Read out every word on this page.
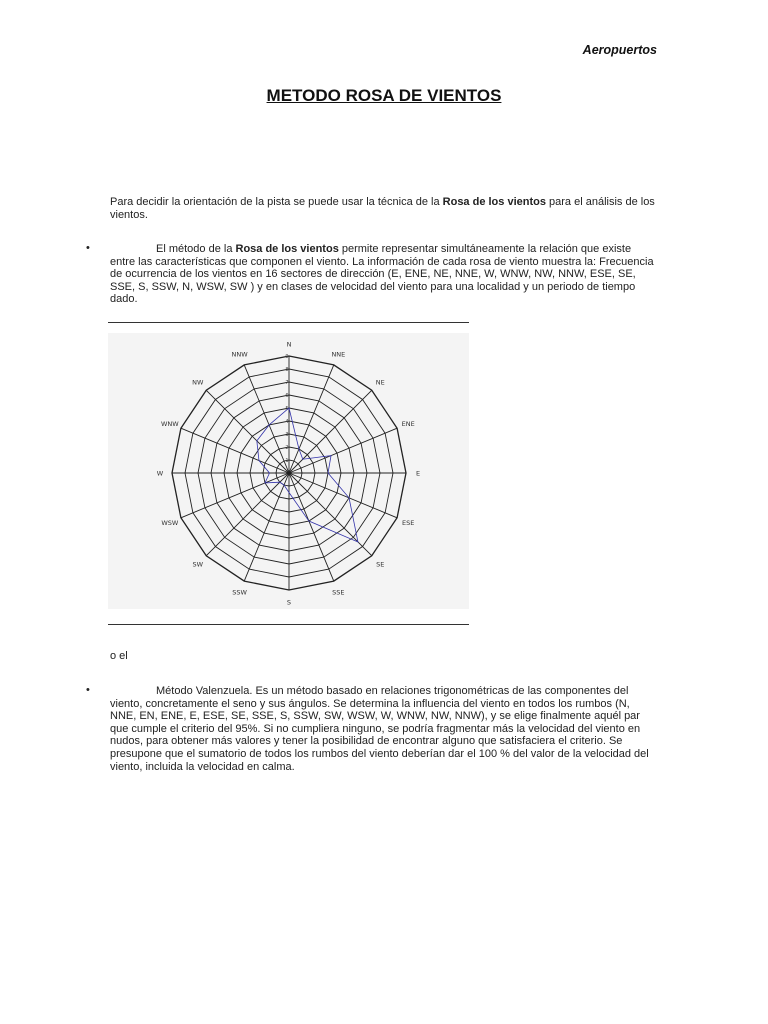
Aeropuertos
METODO ROSA DE VIENTOS
Para decidir la orientación de la pista se puede usar la técnica de la Rosa de los vientos para el análisis de los vientos.
•	El método de la Rosa de los vientos permite representar simultáneamente la relación que existe entre las características que componen el viento. La información de cada rosa de viento muestra la: Frecuencia de ocurrencia de los vientos en 16 sectores de dirección (E, ENE, NE, NNE, W, WNW, NW, NNW, ESE, SE, SSE, S, SSW, N, WSW, SW ) y en clases de velocidad del viento para una localidad y un periodo de tiempo dado.
1
2
3
4
5
6
7
8
9
N
NNE
NE
ENE
E
ESE
SE
SSE
S
SSW
SW
WSW
W
WNW
NW
NNW
o el
•	Método Valenzuela. Es un método basado en relaciones trigonométricas de las componentes del viento, concretamente el seno y sus ángulos. Se determina la influencia del viento en todos los rumbos (N, NNE, EN, ENE, E, ESE, SE, SSE, S, SSW, SW, WSW, W, WNW, NW, NNW), y se elige finalmente aquél par que cumple el criterio del 95%. Si no cumpliera ninguno, se podría fragmentar más la velocidad del viento en nudos, para obtener más valores y tener la posibilidad de encontrar alguno que satisfaciera el criterio. Se presupone que el sumatorio de todos los rumbos del viento deberían dar el 100 % del valor de la velocidad del viento, incluida la velocidad en calma.
